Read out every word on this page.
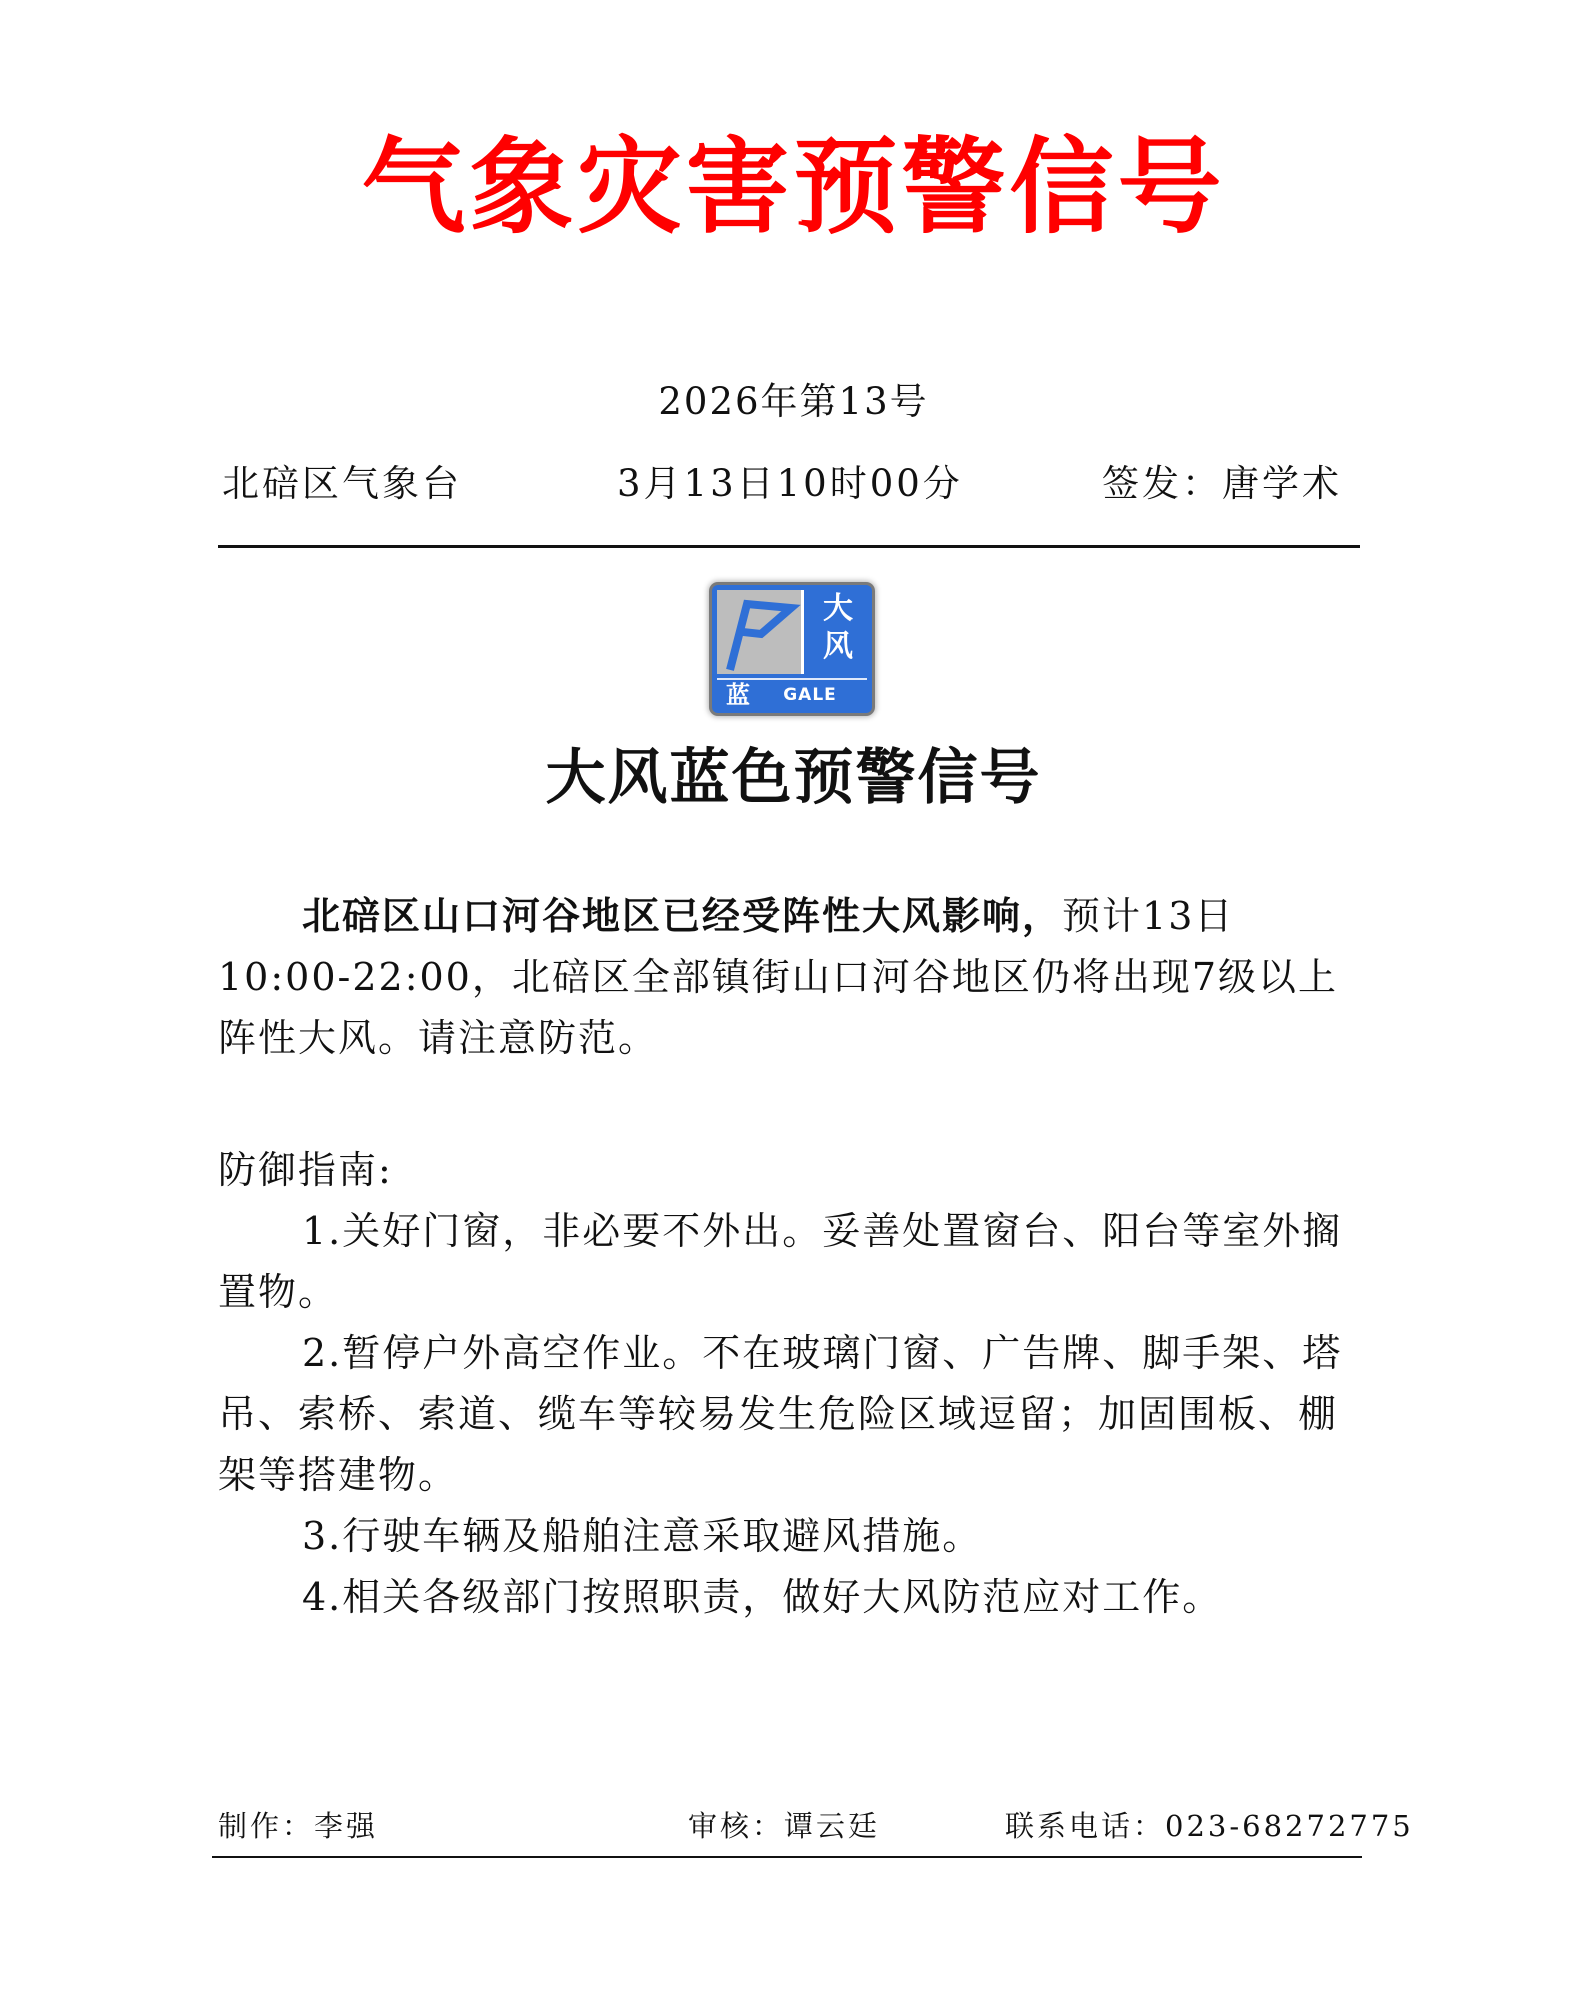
气象灾害预警信号
2026年第13号
北碚区气象台	3月13日10时00分	签发：唐学术
大
风
蓝	GALE
大风蓝色预警信号
北碚区山口河谷地区已经受阵性大风影响，预计13日10:00-22:00，北碚区全部镇街山口河谷地区仍将出现7级以上阵性大风。请注意防范。
防御指南:
1.关好门窗，非必要不外出。妥善处置窗台、阳台等室外搁置物。
2.暂停户外高空作业。不在玻璃门窗、广告牌、脚手架、塔吊、索桥、索道、缆车等较易发生危险区域逗留；加固围板、棚架等搭建物。
3.行驶车辆及船舶注意采取避风措施。
4.相关各级部门按照职责，做好大风防范应对工作。
制作：李强	审核：谭云廷	联系电话：023-68272775
